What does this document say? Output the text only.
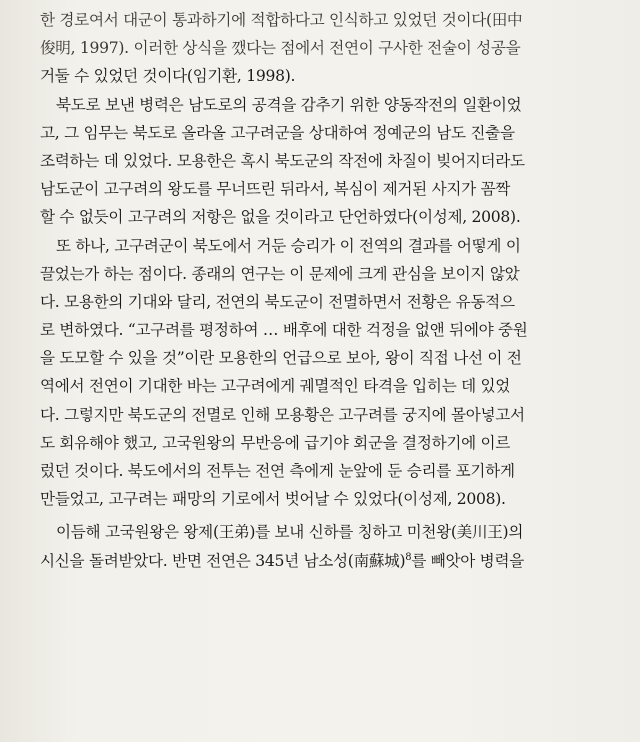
한 경로여서 대군이 통과하기에 적합하다고 인식하고 있었던 것이다(田中
俊明, 1997). 이러한 상식을 깼다는 점에서 전연이 구사한 전술이 성공을
거둘 수 있었던 것이다(임기환, 1998).
북도로 보낸 병력은 남도로의 공격을 감추기 위한 양동작전의 일환이었
고, 그 임무는 북도로 올라올 고구려군을 상대하여 정예군의 남도 진출을
조력하는 데 있었다. 모용한은 혹시 북도군의 작전에 차질이 빚어지더라도
남도군이 고구려의 왕도를 무너뜨린 뒤라서, 복심이 제거된 사지가 꼼짝
할 수 없듯이 고구려의 저항은 없을 것이라고 단언하였다(이성제, 2008).
또 하나, 고구려군이 북도에서 거둔 승리가 이 전역의 결과를 어떻게 이
끌었는가 하는 점이다. 종래의 연구는 이 문제에 크게 관심을 보이지 않았
다. 모용한의 기대와 달리, 전연의 북도군이 전멸하면서 전황은 유동적으
로 변하였다. “고구려를 평정하여 … 배후에 대한 걱정을 없앤 뒤에야 중원
을 도모할 수 있을 것”이란 모용한의 언급으로 보아, 왕이 직접 나선 이 전
역에서 전연이 기대한 바는 고구려에게 궤멸적인 타격을 입히는 데 있었
다. 그렇지만 북도군의 전멸로 인해 모용황은 고구려를 궁지에 몰아넣고서
도 회유해야 했고, 고국원왕의 무반응에 급기야 회군을 결정하기에 이르
렀던 것이다. 북도에서의 전투는 전연 측에게 눈앞에 둔 승리를 포기하게
만들었고, 고구려는 패망의 기로에서 벗어날 수 있었다(이성제, 2008).
이듬해 고국원왕은 왕제(王弟)를 보내 신하를 칭하고 미천왕(美川王)의
시신을 돌려받았다. 반면 전연은 345년 남소성(南蘇城)$^8$를 빼앗아 병력을
